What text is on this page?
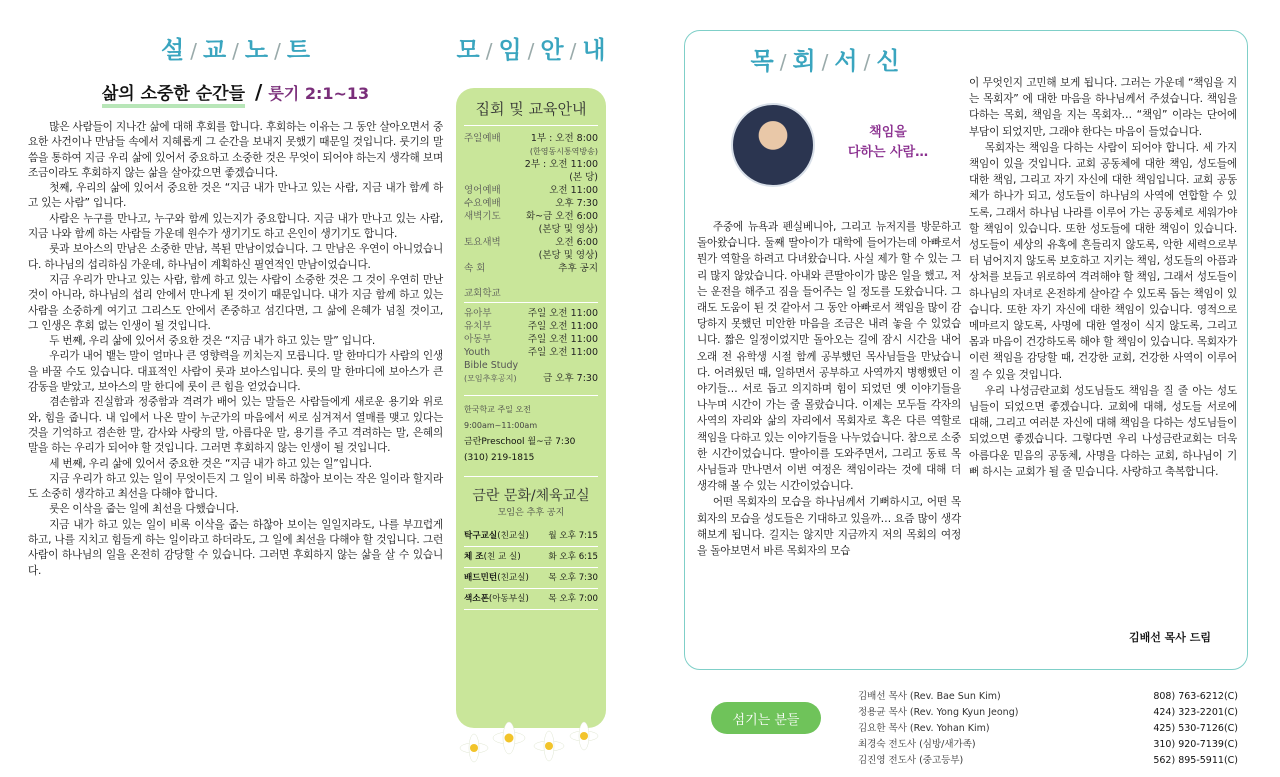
설 / 교 / 노 / 트
삶의 소중한 순간들 / 룻기 2:1~13

많은 사람들이 지나간 삶에 대해 후회를 합니다. 후회하는 이유는 그 동안 살아오면서 중요한 사건이나 만남들 속에서 지혜롭게 그 순간을 보내지 못했기 때문일 것입니다. 룻기의 말씀을 통하여 지금 우리 삶에 있어서 중요하고 소중한 것은 무엇이 되어야 하는지 생각해 보며 조금이라도 후회하지 않는 삶을 살아갔으면 좋겠습니다.

첫째, 우리의 삶에 있어서 중요한 것은 “지금 내가 만나고 있는 사람, 지금 내가 함께 하고 있는 사람” 입니다.

사람은 누구를 만나고, 누구와 함께 있는지가 중요합니다. 지금 내가 만나고 있는 사람, 지금 나와 함께 하는 사람들 가운데 원수가 생기기도 하고 은인이 생기기도 합니다.

룻과 보아스의 만남은 소중한 만남, 복된 만남이었습니다. 그 만남은 우연이 아니었습니다. 하나님의 섭리하심 가운데, 하나님이 계획하신 필연적인 만남이었습니다.

지금 우리가 만나고 있는 사람, 함께 하고 있는 사람이 소중한 것은 그 것이 우연히 만난 것이 아니라, 하나님의 섭리 안에서 만나게 된 것이기 때문입니다. 내가 지금 함께 하고 있는 사람을 소중하게 여기고 그리스도 안에서 존중하고 섬긴다면, 그 삶에 은혜가 넘칠 것이고, 그 인생은 후회 없는 인생이 될 것입니다.

두 번째, 우리 삶에 있어서 중요한 것은 “지금 내가 하고 있는 말” 입니다.

우리가 내어 뱉는 말이 얼마나 큰 영향력을 끼치는지 모릅니다. 말 한마디가 사람의 인생을 바꿀 수도 있습니다. 대표적인 사람이 룻과 보아스입니다. 룻의 말 한마디에 보아스가 큰 감동을 받았고, 보아스의 말 한디에 룻이 큰 힘을 얻었습니다.

겸손함과 진실함과 정중함과 격려가 배어 있는 말들은 사람들에게 새로운 용기와 위로와, 힘을 줍니다. 내 입에서 나온 말이 누군가의 마음에서 씨로 심겨져서 열매를 맺고 있다는 것을 기억하고 겸손한 말, 감사와 사랑의 말, 아름다운 말, 용기를 주고 격려하는 말, 은혜의 말을 하는 우리가 되어야 할 것입니다. 그러면 후회하지 않는 인생이 될 것입니다.

세 번째, 우리 삶에 있어서 중요한 것은 “지금 내가 하고 있는 일”입니다.

지금 우리가 하고 있는 일이 무엇이든지 그 일이 비록 하찮아 보이는 작은 일이라 할지라도 소중히 생각하고 최선을 다해야 합니다.

룻은 이삭을 줍는 일에 최선을 다했습니다.

지금 내가 하고 있는 일이 비록 이삭을 줍는 하찮아 보이는 일일지라도, 나를 부끄럽게 하고, 나를 지치고 힘들게 하는 일이라고 하더라도, 그 일에 최선을 다해야 할 것입니다. 그런 사람이 하나님의 일을 온전히 감당할 수 있습니다. 그러면 후회하지 않는 삶을 살 수 있습니다.

모 / 임 / 안 / 내
집회 및 교육안내
주일예배	1부 : 오전 8:00
(한영동시통역방송)
2부 : 오전 11:00
(본 당)
영어예배	오전 11:00
수요예배	오후 7:30
새벽기도	화~금 오전 6:00
(본당 및 영상)
토요새벽	오전 6:00
(본당 및 영상)
속 회	추후 공지
교회학교
유아부	주일 오전 11:00
유치부	주일 오전 11:00
아동부	주일 오전 11:00
Youth	주일 오전 11:00
Bible Study
(모임추후공지)	금 오후 7:30
한국학교 주일 오전 9:00am~11:00am
금란Preschool 월~금 7:30
(310) 219-1815
금란 문화/체육교실
모임은 추후 공지
탁구교실(친교실) 월 오후 7:15
체 조(친 교 실)	화 오후 6:15
배드민턴(친교실) 목 오후 7:30
색소폰(아동부실) 목 오후 7:00
목 / 회 / 서 / 신
책임을
다하는 사람…

주중에 뉴욕과 펜실베니아, 그리고 뉴저지를 방문하고 돌아왔습니다. 둘째 딸아이가 대학에 들어가는데 아빠로서 뭔가 역할을 하려고 다녀왔습니다. 사실 제가 할 수 있는 그리 많지 않았습니다. 아내와 큰딸아이가 많은 일을 했고, 저는 운전을 해주고 짐을 들어주는 일 정도를 도왔습니다. 그래도 도움이 된 것 같아서 그 동안 아빠로서 책임을 많이 감당하지 못했던 미안한 마음을 조금은 내려 놓을 수 있었습니다. 짧은 일정이었지만 돌아오는 길에 잠시 시간을 내어 오래 전 유학생 시절 함께 공부했던 목사님들을 만났습니다. 어려웠던 때, 일하면서 공부하고 사역까지 병행했던 이야기들… 서로 돕고 의지하며 힘이 되었던 옛 이야기들을 나누며 시간이 가는 줄 몰랐습니다. 이제는 모두들 각자의 사역의 자리와 삶의 자리에서 목회자로 혹은 다른 역할로 책임을 다하고 있는 이야기들을 나누었습니다. 참으로 소중한 시간이었습니다. 딸아이를 도와주면서, 그리고 동료 목사님들과 만나면서 이번 여정은 책임이라는 것에 대해 더 생각해 볼 수 있는 시간이었습니다.

어떤 목회자의 모습을 하나님께서 기뻐하시고, 어떤 목회자의 모습을 성도들은 기대하고 있을까… 요즘 많이 생각해보게 됩니다. 길지는 않지만 지금까지 저의 목회의 여정을 돌아보면서 바른 목회자의 모습

이 무엇인지 고민해 보게 됩니다. 그러는 가운데 “책임을 지는 목회자” 에 대한 마음을 하나님께서 주셨습니다. 책임을 다하는 목회, 책임을 지는 목회자… “책임” 이라는 단어에 부담이 되었지만, 그래야 한다는 마음이 들었습니다.

목회자는 책임을 다하는 사람이 되어야 합니다. 세 가지 책임이 있을 것입니다. 교회 공동체에 대한 책임, 성도들에 대한 책임, 그리고 자기 자신에 대한 책임입니다. 교회 공동체가 하나가 되고, 성도들이 하나님의 사역에 연합할 수 있도록, 그래서 하나님 나라를 이루어 가는 공동체로 세워가야 할 책임이 있습니다. 또한 성도들에 대한 책임이 있습니다. 성도들이 세상의 유혹에 흔들리지 않도록, 악한 세력으로부터 넘어지지 않도록 보호하고 지키는 책임, 성도들의 아픔과 상처를 보듬고 위로하여 격려해야 할 책임, 그래서 성도들이 하나님의 자녀로 온전하게 살아갈 수 있도록 돕는 책임이 있습니다. 또한 자기 자신에 대한 책임이 있습니다. 영적으로 메마르지 않도록, 사명에 대한 열정이 식지 않도록, 그리고 몸과 마음이 건강하도록 해야 할 책임이 있습니다. 목회자가 이런 책임을 감당할 때, 건강한 교회, 건강한 사역이 이루어질 수 있을 것입니다.

우리 나성금란교회 성도님들도 책임을 질 줄 아는 성도님들이 되었으면 좋겠습니다. 교회에 대해, 성도들 서로에 대해, 그리고 여러분 자신에 대해 책임을 다하는 성도님들이 되었으면 좋겠습니다. 그렇다면 우리 나성금란교회는 더욱 아름다운 믿음의 공동체, 사명을 다하는 교회, 하나님이 기뻐 하시는 교회가 될 줄 믿습니다. 사랑하고 축복합니다.

김배선 목사 드림
섬기는 분들
김배선 목사 (Rev. Bae Sun Kim)	808) 763-6212(C)
정용균 목사 (Rev. Yong Kyun Jeong)	424) 323-2201(C)
김요한 목사 (Rev. Yohan Kim)	425) 530-7126(C)
최경숙 전도사 (심방/새가족)	310) 920-7139(C)
김진영 전도사 (중고등부)	562) 895-5911(C)
